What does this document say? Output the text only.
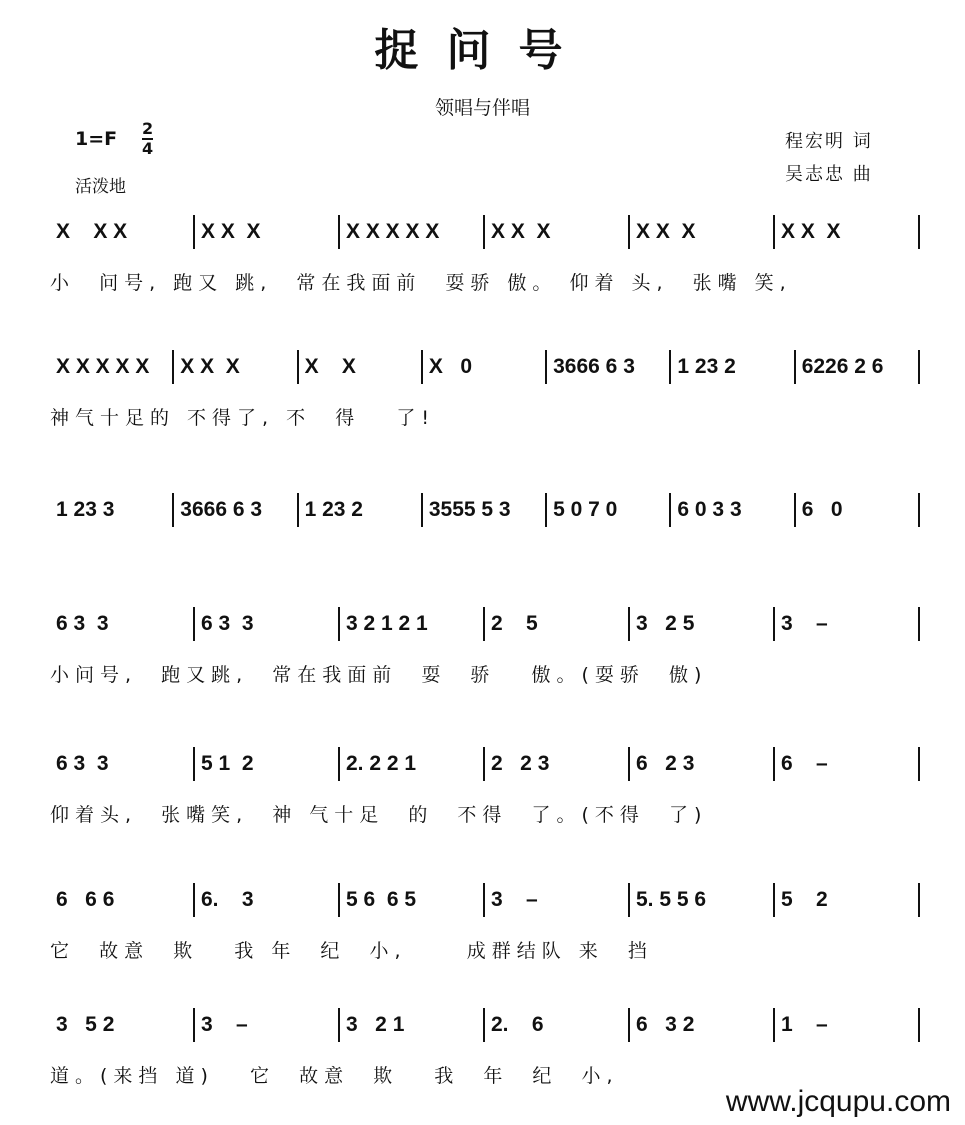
捉问号
领唱与伴唱
1=F 2
4
活泼地
程宏明 词
吴志忠 曲
X    X X	X X  X	X X X X X	X X  X	X X  X	X X  X
小  问号, 跑又 跳,  常在我面前  耍骄 傲。 仰着 头,  张嘴 笑,
X X X X X	X X  X	X    X	X   0	3666 6 3	1 23 2	6226 2 6
神气十足的 不得了, 不  得   了!
1 23 3	3666 6 3	1 23 2	3555 5 3	5 0 7 0	6 0 3 3	6   0
6 3  3	6 3  3	3 2 1 2 1	2    5	3   2 5	3    –
小问号,  跑又跳,  常在我面前  耍  骄   傲。(耍骄  傲)
6 3  3	5 1  2	2. 2 2 1	2   2 3	6   2 3	6    –
仰着头,  张嘴笑,  神 气十足  的  不得  了。(不得  了)
6   6 6	6.    3	5 6  6 5	3    –	5. 5 5 6	5    2
它  故意  欺   我 年  纪  小,     成群结队 来  挡
3   5 2	3    –	3   2 1	2.    6	6   3 2	1    –
道。(来挡 道)   它  故意  欺   我  年  纪  小,
www.jcqupu.com
